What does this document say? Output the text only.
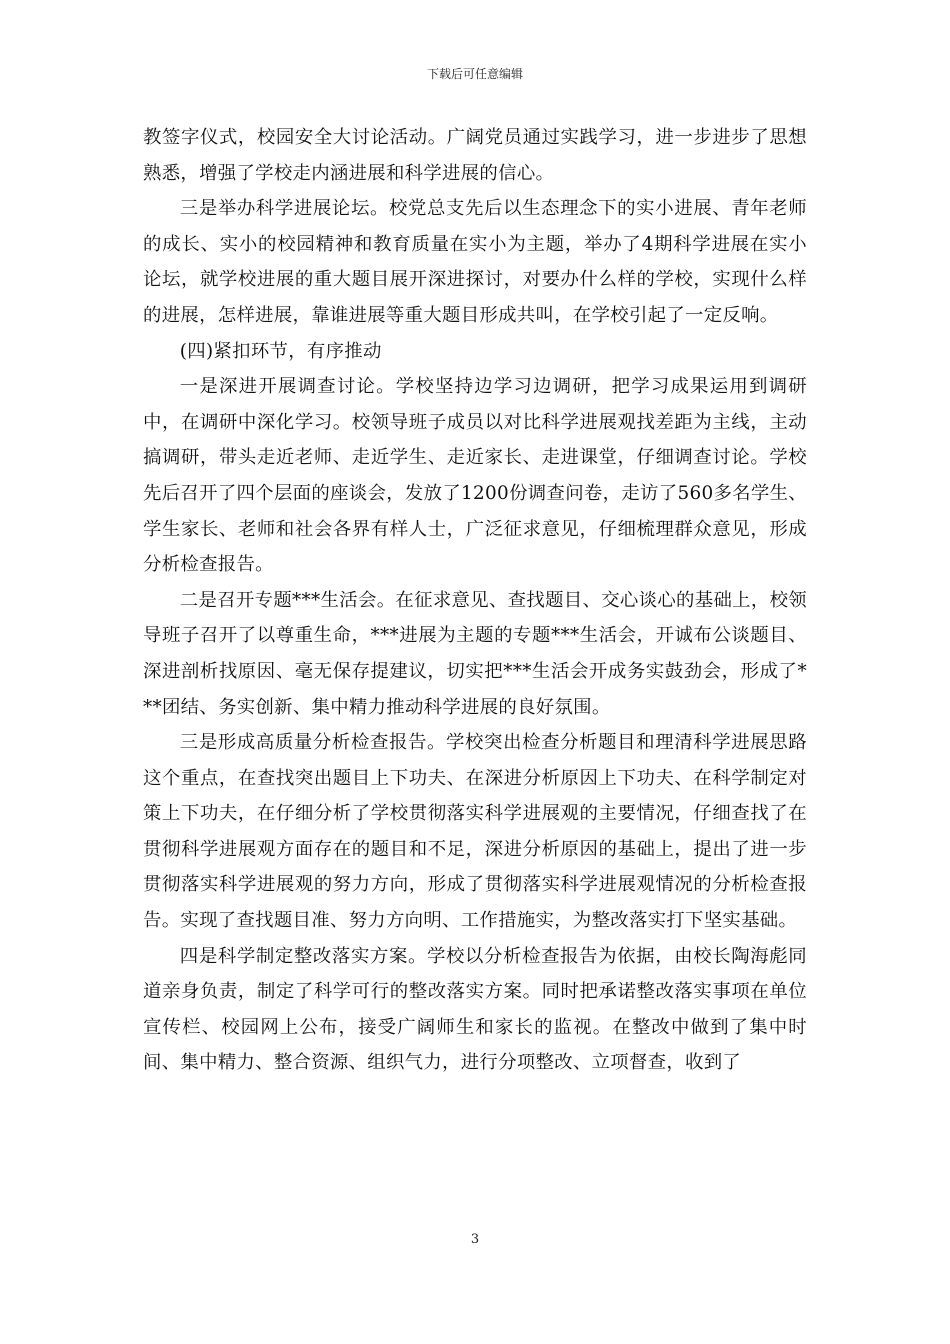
下载后可任意编辑

教签字仪式，校园安全大讨论活动。广阔党员通过实践学习，进一步进步了思想熟悉，增强了学校走内涵进展和科学进展的信心。

三是举办科学进展论坛。校党总支先后以生态理念下的实小进展、青年老师的成长、实小的校园精神和教育质量在实小为主题，举办了4期科学进展在实小论坛，就学校进展的重大题目展开深进探讨，对要办什么样的学校，实现什么样的进展，怎样进展，靠谁进展等重大题目形成共叫，在学校引起了一定反响。

(四)紧扣环节，有序推动

一是深进开展调查讨论。学校坚持边学习边调研，把学习成果运用到调研中，在调研中深化学习。校领导班子成员以对比科学进展观找差距为主线，主动搞调研，带头走近老师、走近学生、走近家长、走进课堂，仔细调查讨论。学校先后召开了四个层面的座谈会，发放了1200份调查问卷，走访了560多名学生、学生家长、老师和社会各界有样人士，广泛征求意见，仔细梳理群众意见，形成分析检查报告。

二是召开专题***生活会。在征求意见、查找题目、交心谈心的基础上，校领导班子召开了以尊重生命，***进展为主题的专题***生活会，开诚布公谈题目、深进剖析找原因、毫无保存提建议，切实把***生活会开成务实鼓劲会，形成了***团结、务实创新、集中精力推动科学进展的良好氛围。

三是形成高质量分析检查报告。学校突出检查分析题目和理清科学进展思路这个重点，在查找突出题目上下功夫、在深进分析原因上下功夫、在科学制定对策上下功夫，在仔细分析了学校贯彻落实科学进展观的主要情况，仔细查找了在贯彻科学进展观方面存在的题目和不足，深进分析原因的基础上，提出了进一步贯彻落实科学进展观的努力方向，形成了贯彻落实科学进展观情况的分析检查报告。实现了查找题目准、努力方向明、工作措施实，为整改落实打下坚实基础。

四是科学制定整改落实方案。学校以分析检查报告为依据，由校长陶海彪同道亲身负责，制定了科学可行的整改落实方案。同时把承诺整改落实事项在单位宣传栏、校园网上公布，接受广阔师生和家长的监视。在整改中做到了集中时间、集中精力、整合资源、组织气力，进行分项整改、立项督查，收到了

3
